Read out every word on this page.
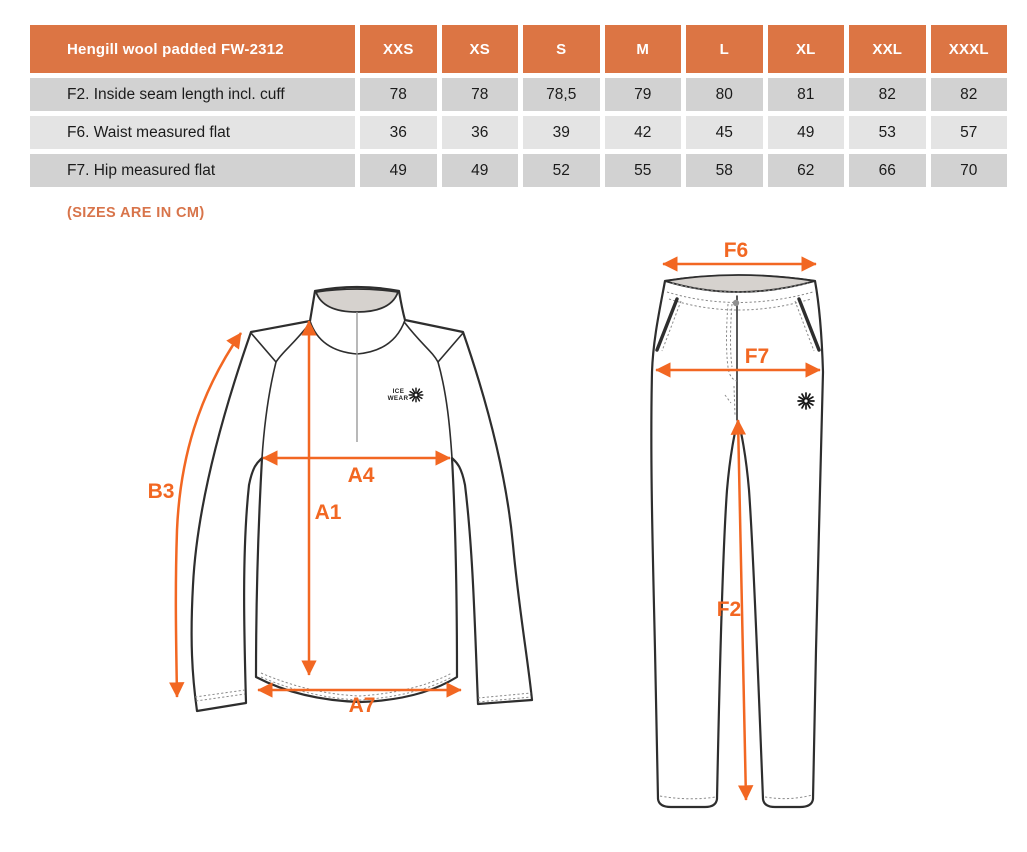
Hengill wool padded FW-2312	XXS	XS	S	M	L	XL	XXL	XXXL
F2. Inside seam length incl. cuff	78	78	78,5	79	80	81	82	82
F6. Waist measured flat	36	36	39	42	45	49	53	57
F7. Hip measured flat	49	49	52	55	58	62	66	70
(SIZES ARE IN CM)
ICE
WEAR
B3
A4
A1
A7
F6
F7
F2
